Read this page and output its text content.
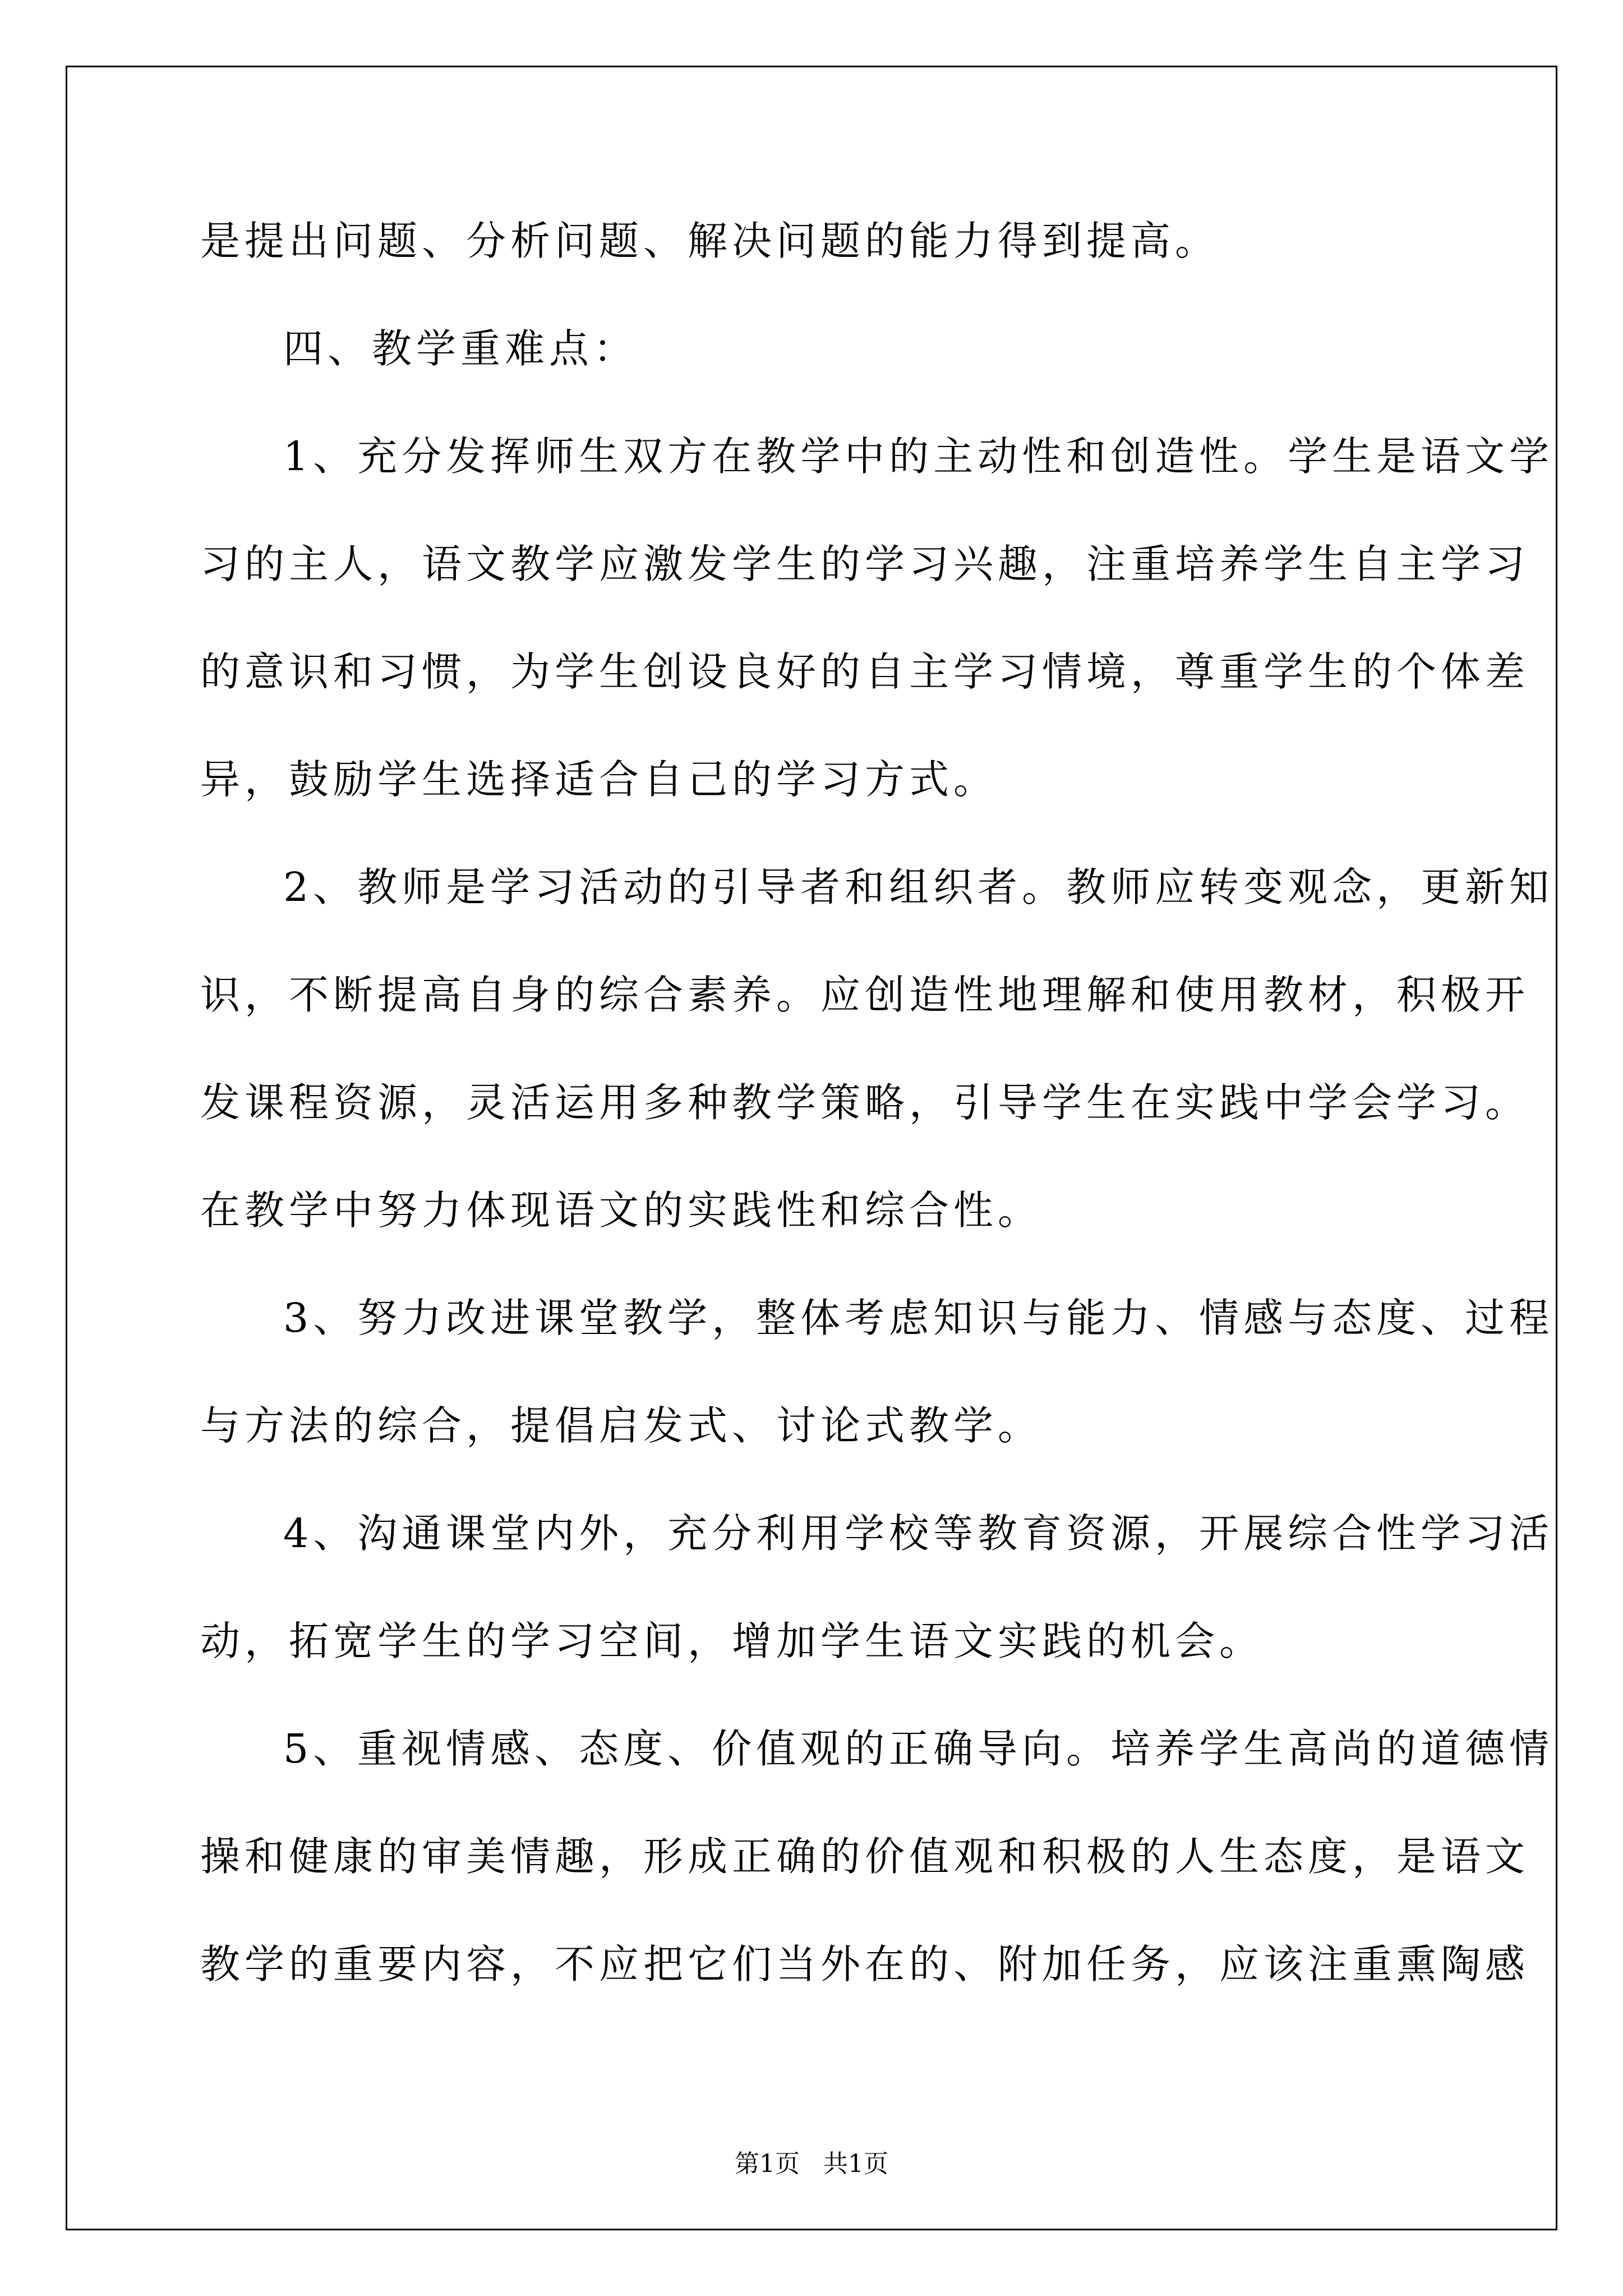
是提出问题、分析问题、解决问题的能力得到提高。
四、教学重难点：
1、充分发挥师生双方在教学中的主动性和创造性。学生是语文学
习的主人，语文教学应激发学生的学习兴趣，注重培养学生自主学习
的意识和习惯，为学生创设良好的自主学习情境，尊重学生的个体差
异，鼓励学生选择适合自己的学习方式。
2、教师是学习活动的引导者和组织者。教师应转变观念，更新知
识，不断提高自身的综合素养。应创造性地理解和使用教材，积极开
发课程资源，灵活运用多种教学策略，引导学生在实践中学会学习。
在教学中努力体现语文的实践性和综合性。
3、努力改进课堂教学，整体考虑知识与能力、情感与态度、过程
与方法的综合，提倡启发式、讨论式教学。
4、沟通课堂内外，充分利用学校等教育资源，开展综合性学习活
动，拓宽学生的学习空间，增加学生语文实践的机会。
5、重视情感、态度、价值观的正确导向。培养学生高尚的道德情
操和健康的审美情趣，形成正确的价值观和积极的人生态度，是语文
教学的重要内容，不应把它们当外在的、附加任务，应该注重熏陶感
第1页   共1页
